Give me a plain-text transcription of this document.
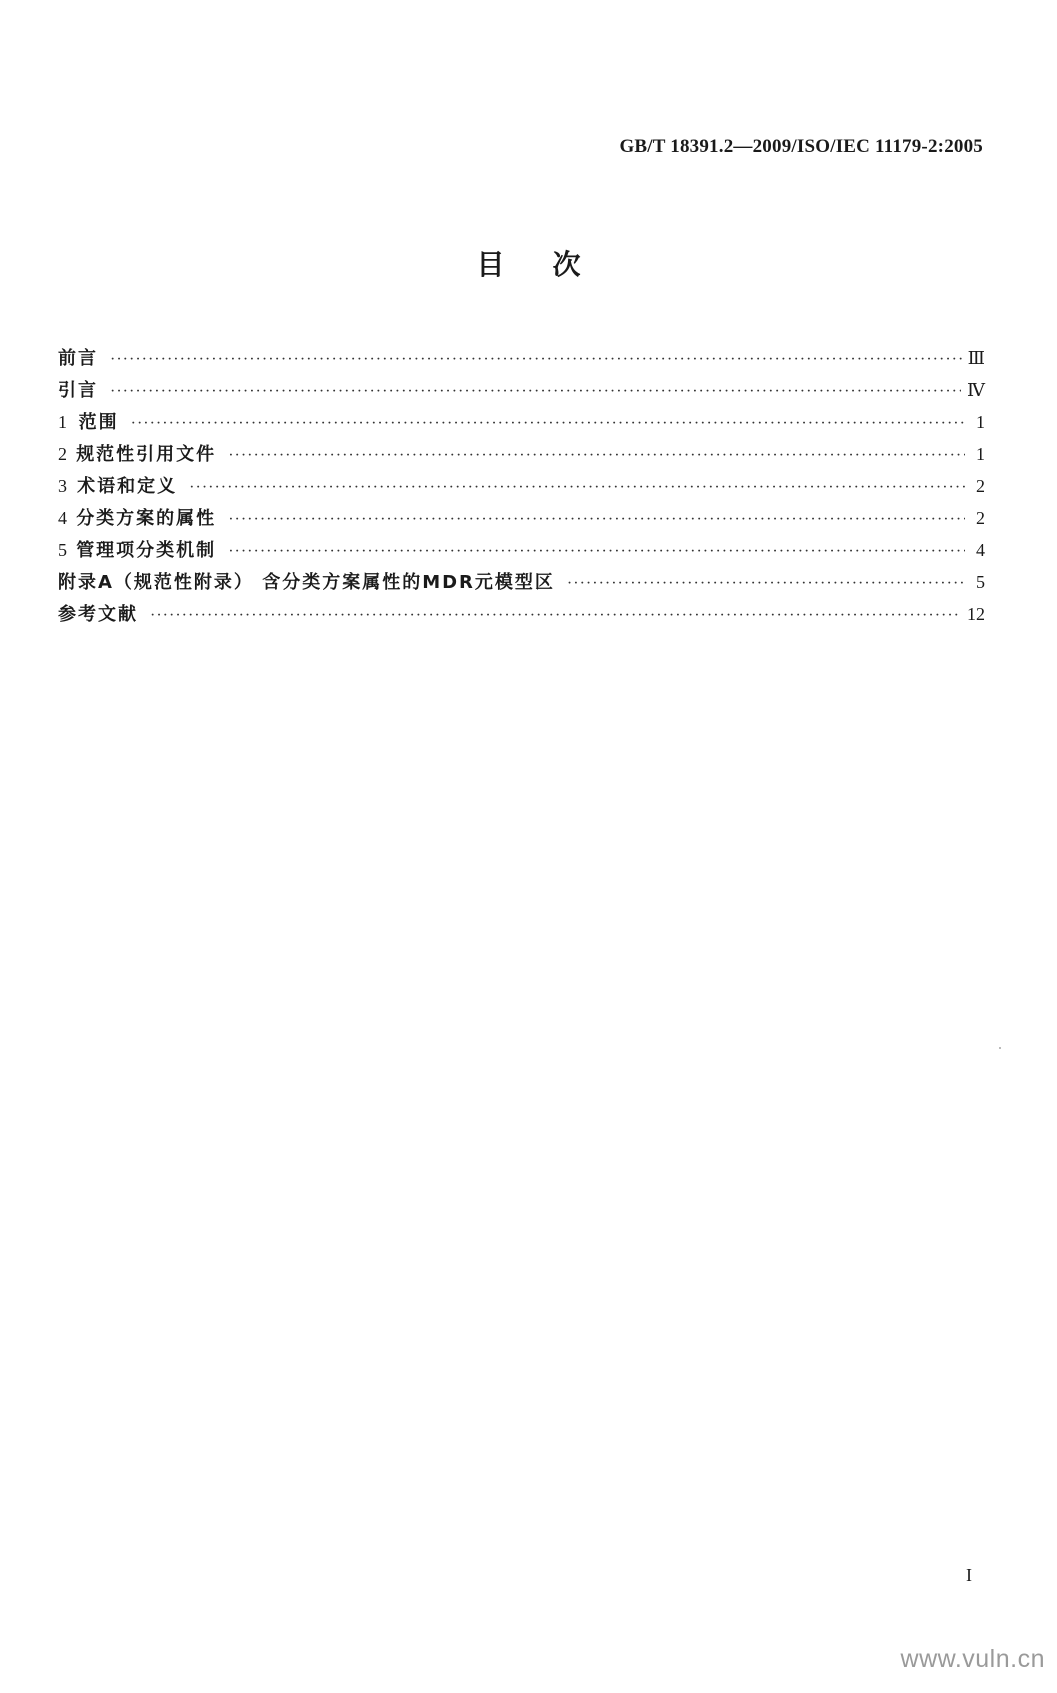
GB/T 18391.2—2009/ISO/IEC 11179-2:2005
目次
前言 ·····	Ⅲ
引言 ·····	Ⅳ
1 范围 ·····	1
2 规范性引用文件 ·····	1
3 术语和定义 ·····	2
4 分类方案的属性 ·····	2
5 管理项分类机制 ·····	4
附录A（规范性附录） 含分类方案属性的MDR元模型区 ·····	5
参考文献 ·····	12
I
www.vuln.cn
